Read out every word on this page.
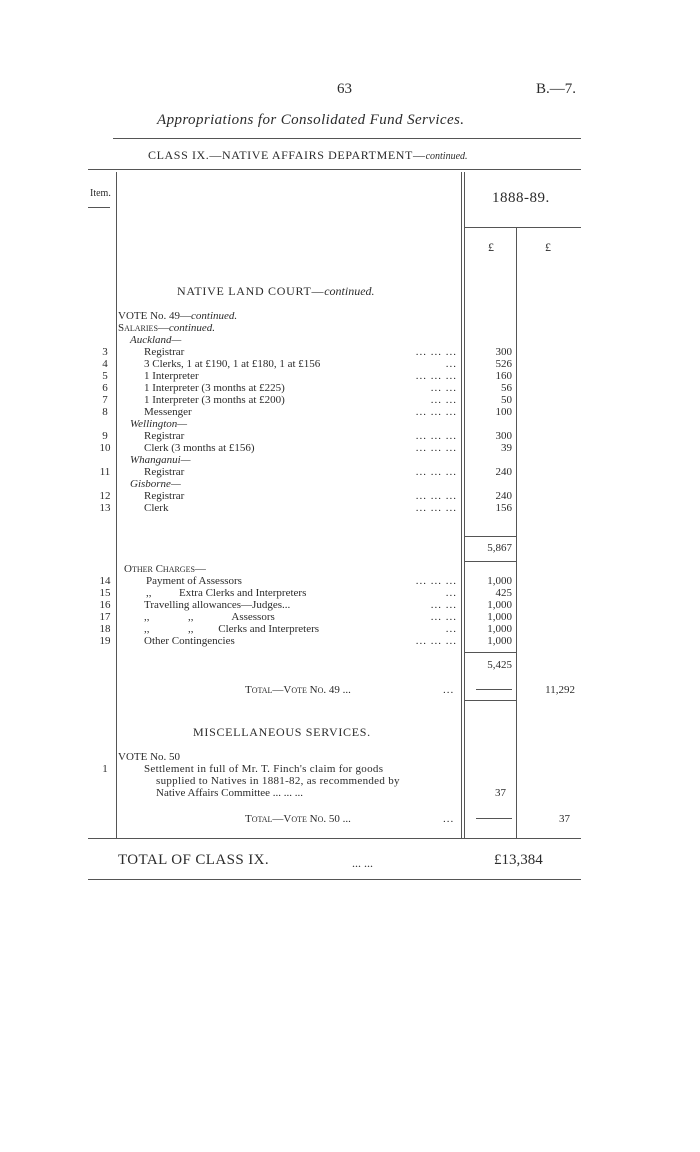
63	B.—7.
Appropriations for Consolidated Fund Services.
CLASS IX.—NATIVE AFFAIRS DEPARTMENT—continued.
Item.	1888-89.
£	£
NATIVE LAND COURT—continued.
VOTE No. 49—continued.
Salaries—continued.
Auckland—
3	Registrar	... ... ...	300
4	3 Clerks, 1 at £190, 1 at £180, 1 at £156	...	526
5	1 Interpreter	... ... ...	160
6	1 Interpreter (3 months at £225)	... ...	56
7	1 Interpreter (3 months at £200)	... ...	50
8	Messenger	... ... ...	100
Wellington—
9	Registrar	... ... ...	300
10	Clerk (3 months at £156)	... ... ...	39
Whanganui—
11	Registrar	... ... ...	240
Gisborne—
12	Registrar	... ... ...	240
13	Clerk	... ... ...	156
5,867
Other Charges—
14	Payment of Assessors	... ... ...	1,000
15	,,          Extra Clerks and Interpreters	...	425
16	Travelling allowances—Judges...	... ...	1,000
17	,,              ,,              Assessors	... ...	1,000
18	,,              ,,         Clerks and Interpreters	...	1,000
19	Other Contingencies	... ... ...	1,000
5,425
Total—Vote No. 49 ...	...	11,292
MISCELLANEOUS SERVICES.
VOTE No. 50
1	Settlement in full of Mr. T. Finch's claim for goods
supplied to Natives in 1881-82, as recommended by
Native Affairs Committee ... ... ...	37
Total—Vote No. 50 ...	...	37
TOTAL OF CLASS IX.	... ...	£13,384
